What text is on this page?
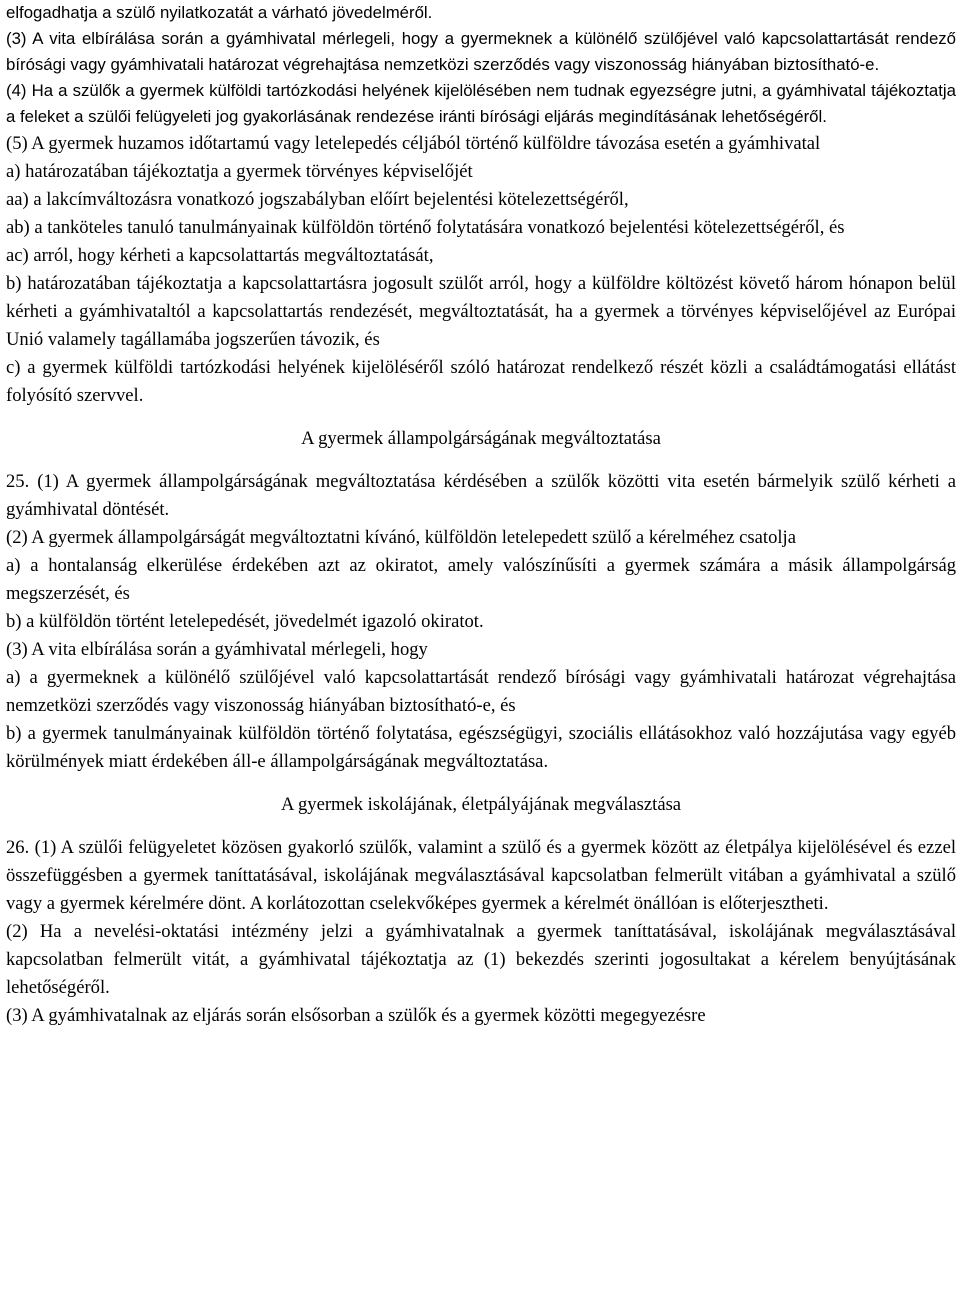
elfogadhatja a szülő nyilatkozatát a várható jövedelméről.

(3) A vita elbírálása során a gyámhivatal mérlegeli, hogy a gyermeknek a különélő szülőjével való kapcsolattartását rendező bírósági vagy gyámhivatali határozat végrehajtása nemzetközi szerződés vagy viszonosság hiányában biztosítható-e.

(4) Ha a szülők a gyermek külföldi tartózkodási helyének kijelölésében nem tudnak egyezségre jutni, a gyámhivatal tájékoztatja a feleket a szülői felügyeleti jog gyakorlásának rendezése iránti bírósági eljárás megindításának lehetőségéről.

(5) A gyermek huzamos időtartamú vagy letelepedés céljából történő külföldre távozása esetén a gyámhivatal

a) határozatában tájékoztatja a gyermek törvényes képviselőjét

aa) a lakcímváltozásra vonatkozó jogszabályban előírt bejelentési kötelezettségéről,

ab) a tanköteles tanuló tanulmányainak külföldön történő folytatására vonatkozó bejelentési kötelezettségéről, és

ac) arról, hogy kérheti a kapcsolattartás megváltoztatását,

b) határozatában tájékoztatja a kapcsolattartásra jogosult szülőt arról, hogy a külföldre költözést követő három hónapon belül kérheti a gyámhivataltól a kapcsolattartás rendezését, megváltoztatását, ha a gyermek a törvényes képviselőjével az Európai Unió valamely tagállamába jogszerűen távozik, és

c) a gyermek külföldi tartózkodási helyének kijelöléséről szóló határozat rendelkező részét közli a családtámogatási ellátást folyósító szervvel.

A gyermek állampolgárságának megváltoztatása

25. (1) A gyermek állampolgárságának megváltoztatása kérdésében a szülők közötti vita esetén bármelyik szülő kérheti a gyámhivatal döntését.

(2) A gyermek állampolgárságát megváltoztatni kívánó, külföldön letelepedett szülő a kérelméhez csatolja

a) a hontalanság elkerülése érdekében azt az okiratot, amely valószínűsíti a gyermek számára a másik állampolgárság megszerzését, és

b) a külföldön történt letelepedését, jövedelmét igazoló okiratot.

(3) A vita elbírálása során a gyámhivatal mérlegeli, hogy

a) a gyermeknek a különélő szülőjével való kapcsolattartását rendező bírósági vagy gyámhivatali határozat végrehajtása nemzetközi szerződés vagy viszonosság hiányában biztosítható-e, és

b) a gyermek tanulmányainak külföldön történő folytatása, egészségügyi, szociális ellátásokhoz való hozzájutása vagy egyéb körülmények miatt érdekében áll-e állampolgárságának megváltoztatása.

A gyermek iskolájának, életpályájának megválasztása

26. (1) A szülői felügyeletet közösen gyakorló szülők, valamint a szülő és a gyermek között az életpálya kijelölésével és ezzel összefüggésben a gyermek taníttatásával, iskolájának megválasztásával kapcsolatban felmerült vitában a gyámhivatal a szülő vagy a gyermek kérelmére dönt. A korlátozottan cselekvőképes gyermek a kérelmét önállóan is előterjesztheti.

(2) Ha a nevelési-oktatási intézmény jelzi a gyámhivatalnak a gyermek taníttatásával, iskolájának megválasztásával kapcsolatban felmerült vitát, a gyámhivatal tájékoztatja az (1) bekezdés szerinti jogosultakat a kérelem benyújtásának lehetőségéről.

(3) A gyámhivatalnak az eljárás során elsősorban a szülők és a gyermek közötti megegyezésre
